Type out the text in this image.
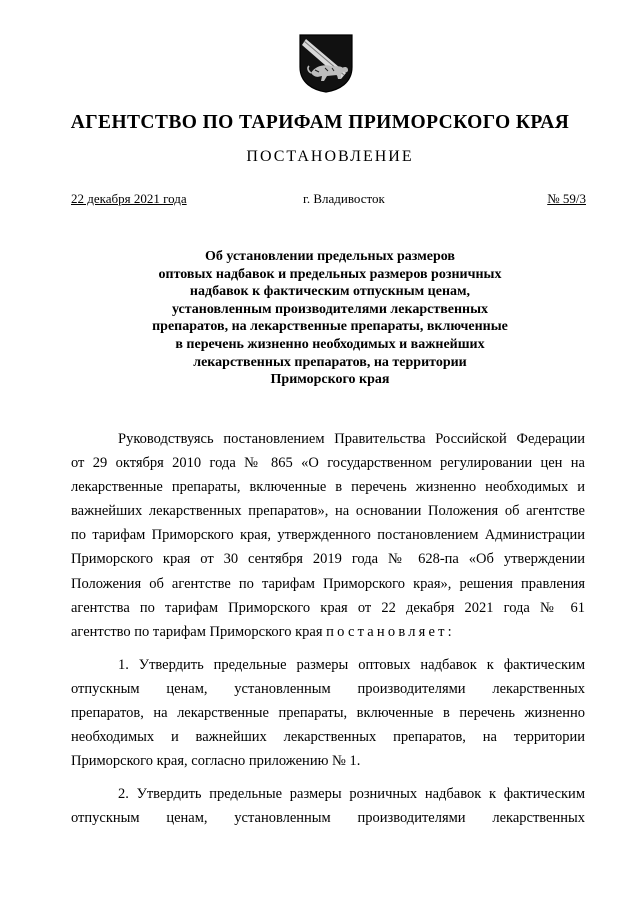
АГЕНТСТВО ПО ТАРИФАМ ПРИМОРСКОГО КРАЯ
ПОСТАНОВЛЕНИЕ
22 декабря 2021 года	г. Владивосток	№ 59/3
Об установлении предельных размеров
оптовых надбавок и предельных размеров розничных
надбавок к фактическим отпускным ценам,
установленным производителями лекарственных
препаратов, на лекарственные препараты, включенные
в перечень жизненно необходимых и важнейших
лекарственных препаратов, на территории
Приморского края
Руководствуясь постановлением Правительства Российской Федерации
от 29 октября 2010 года № 865 «О государственном регулировании цен на
лекарственные препараты, включенные в перечень жизненно необходимых и
важнейших лекарственных препаратов», на основании Положения об агентстве
по тарифам Приморского края, утвержденного постановлением Администрации
Приморского края от 30 сентября 2019 года № 628-па «Об утверждении
Положения об агентстве по тарифам Приморского края», решения правления
агентства по тарифам Приморского края от 22 декабря 2021 года № 61
агентство по тарифам Приморского края постановляет:
1. Утвердить предельные размеры оптовых надбавок к фактическим
отпускным ценам, установленным производителями лекарственных
препаратов, на лекарственные препараты, включенные в перечень жизненно
необходимых и важнейших лекарственных препаратов, на территории
Приморского края, согласно приложению № 1.
2. Утвердить предельные размеры розничных надбавок к фактическим
отпускным ценам, установленным производителями лекарственных
